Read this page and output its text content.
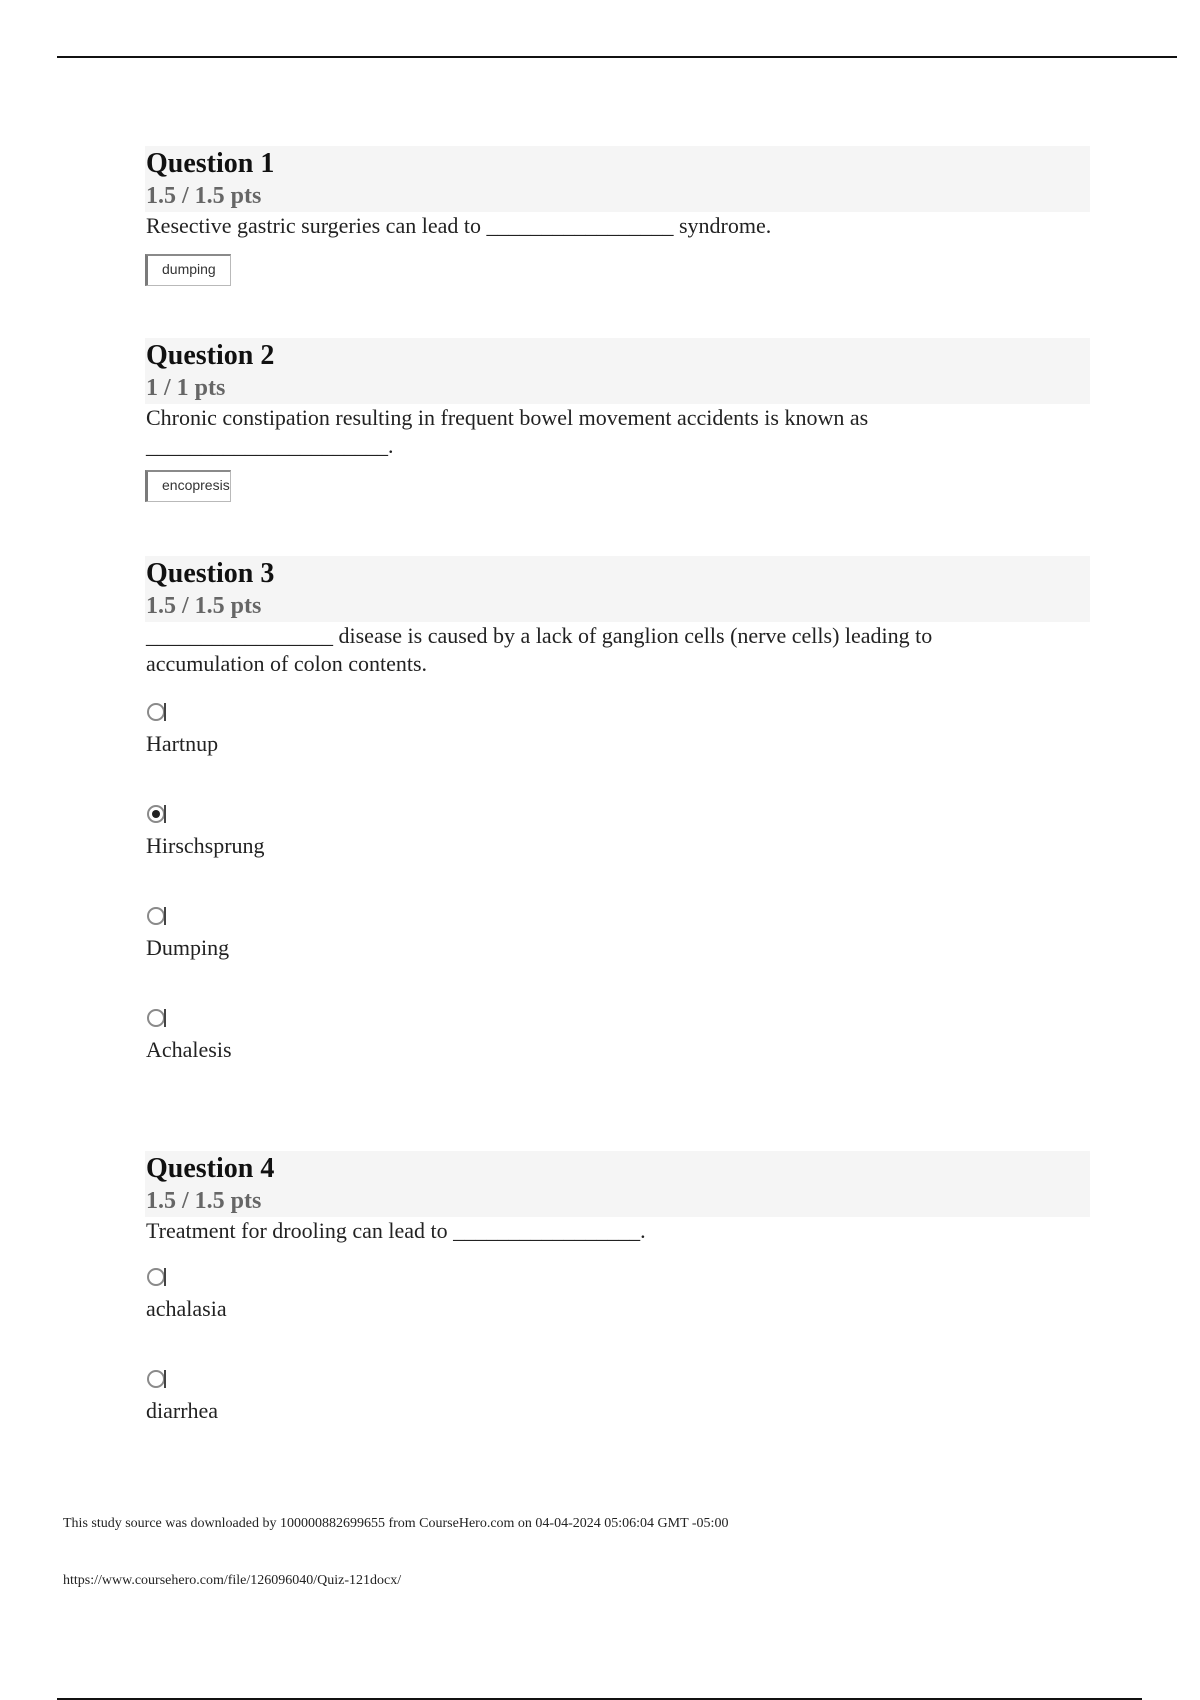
Question 1
1.5 / 1.5 pts
Resective gastric surgeries can lead to _________________ syndrome.
dumping
Question 2
1 / 1 pts
Chronic constipation resulting in frequent bowel movement accidents is known as
______________________.
encopresis
Question 3
1.5 / 1.5 pts
_________________ disease is caused by a lack of ganglion cells (nerve cells) leading to
accumulation of colon contents.
Hartnup
Hirschsprung
Dumping
Achalesis
Question 4
1.5 / 1.5 pts
Treatment for drooling can lead to _________________.
achalasia
diarrhea
This study source was downloaded by 100000882699655 from CourseHero.com on 04-04-2024 05:06:04 GMT -05:00
https://www.coursehero.com/file/126096040/Quiz-121docx/
